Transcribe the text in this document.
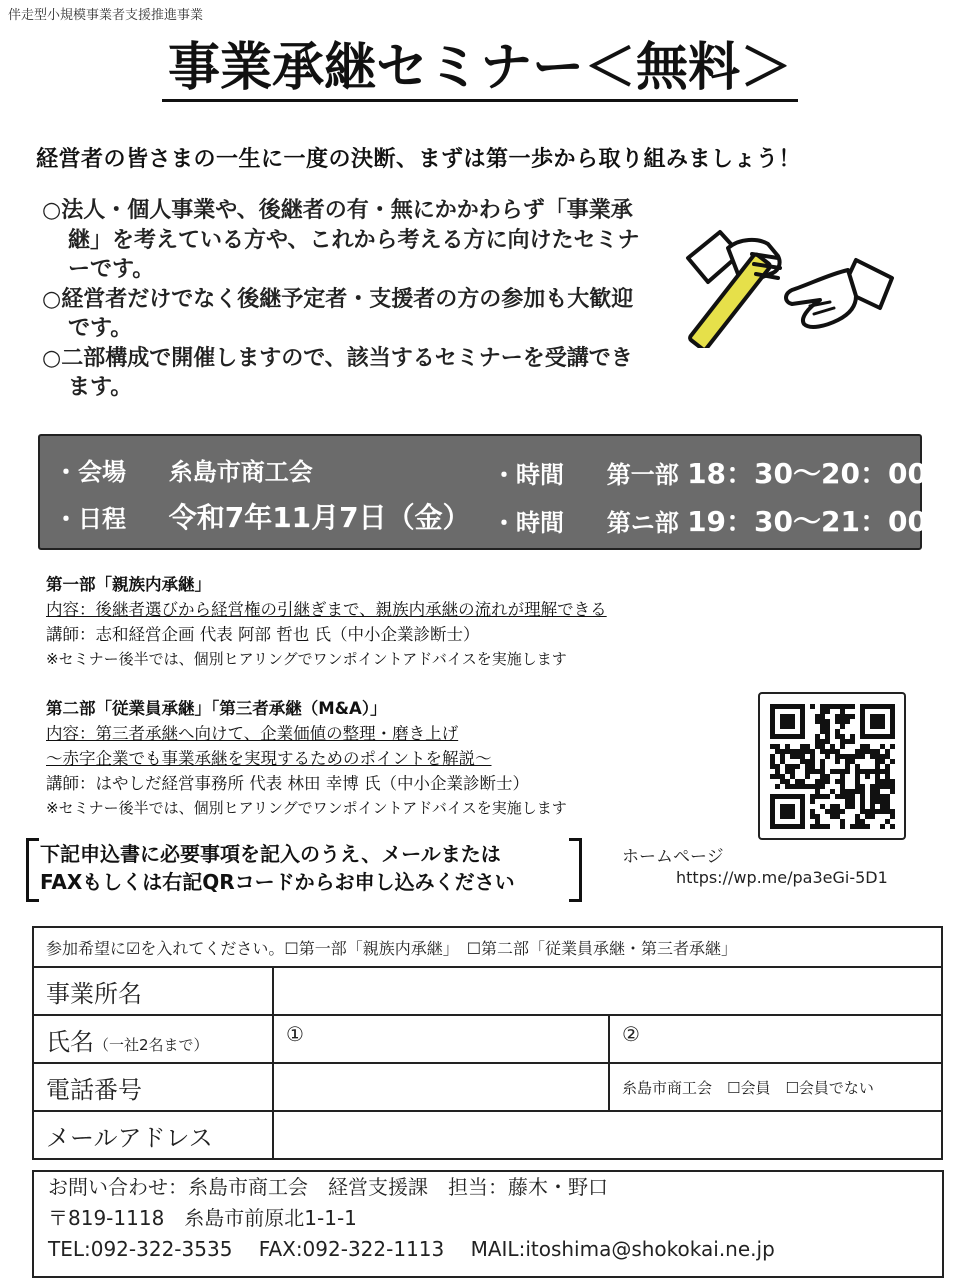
伴走型小規模事業者支援推進事業
事業承継セミナー＜無料＞
経営者の皆さまの一生に一度の決断、まずは第一歩から取り組みましょう！
○法人・個人事業や、後継者の有・無にかかわらず「事業承継」を考えている方や、これから考える方に向けたセミナーです。
○経営者だけでなく後継予定者・支援者の方の参加も大歓迎です。
○二部構成で開催しますので、該当するセミナーを受講できます。
・会場 糸島市商工会
・日程 令和7年11月7日（金）
・時間 第一部 18：30〜20：00
・時間 第ニ部 19：30〜21：00
第一部「親族内承継」
内容：後継者選びから経営権の引継ぎまで、親族内承継の流れが理解できる
講師：志和経営企画 代表 阿部 哲也 氏（中小企業診断士）
※セミナー後半では、個別ヒアリングでワンポイントアドバイスを実施します
第二部「従業員承継」「第三者承継（M&A）」
内容：第三者承継へ向けて、企業価値の整理・磨き上げ
〜赤字企業でも事業承継を実現するためのポイントを解説〜
講師：はやしだ経営事務所 代表 林田 幸博 氏（中小企業診断士）
※セミナー後半では、個別ヒアリングでワンポイントアドバイスを実施します
下記申込書に必要事項を記入のうえ、メールまたは
FAXもしくは右記QRコードからお申し込みください
ホームページ
https://wp.me/pa3eGi-5D1
参加希望に☑を入れてください。☐第一部「親族内承継」　☐第二部「従業員承継・第三者承継」		
事業所名		
氏名（一社2名まで）	①	②
電話番号		糸島市商工会　☐会員　☐会員でない
メールアドレス		
お問い合わせ：糸島市商工会　経営支援課　担当：藤木・野口
〒819-1118　糸島市前原北1-1-1
TEL:092-322-3535　 FAX:092-322-1113　 MAIL:itoshima@shokokai.ne.jp
